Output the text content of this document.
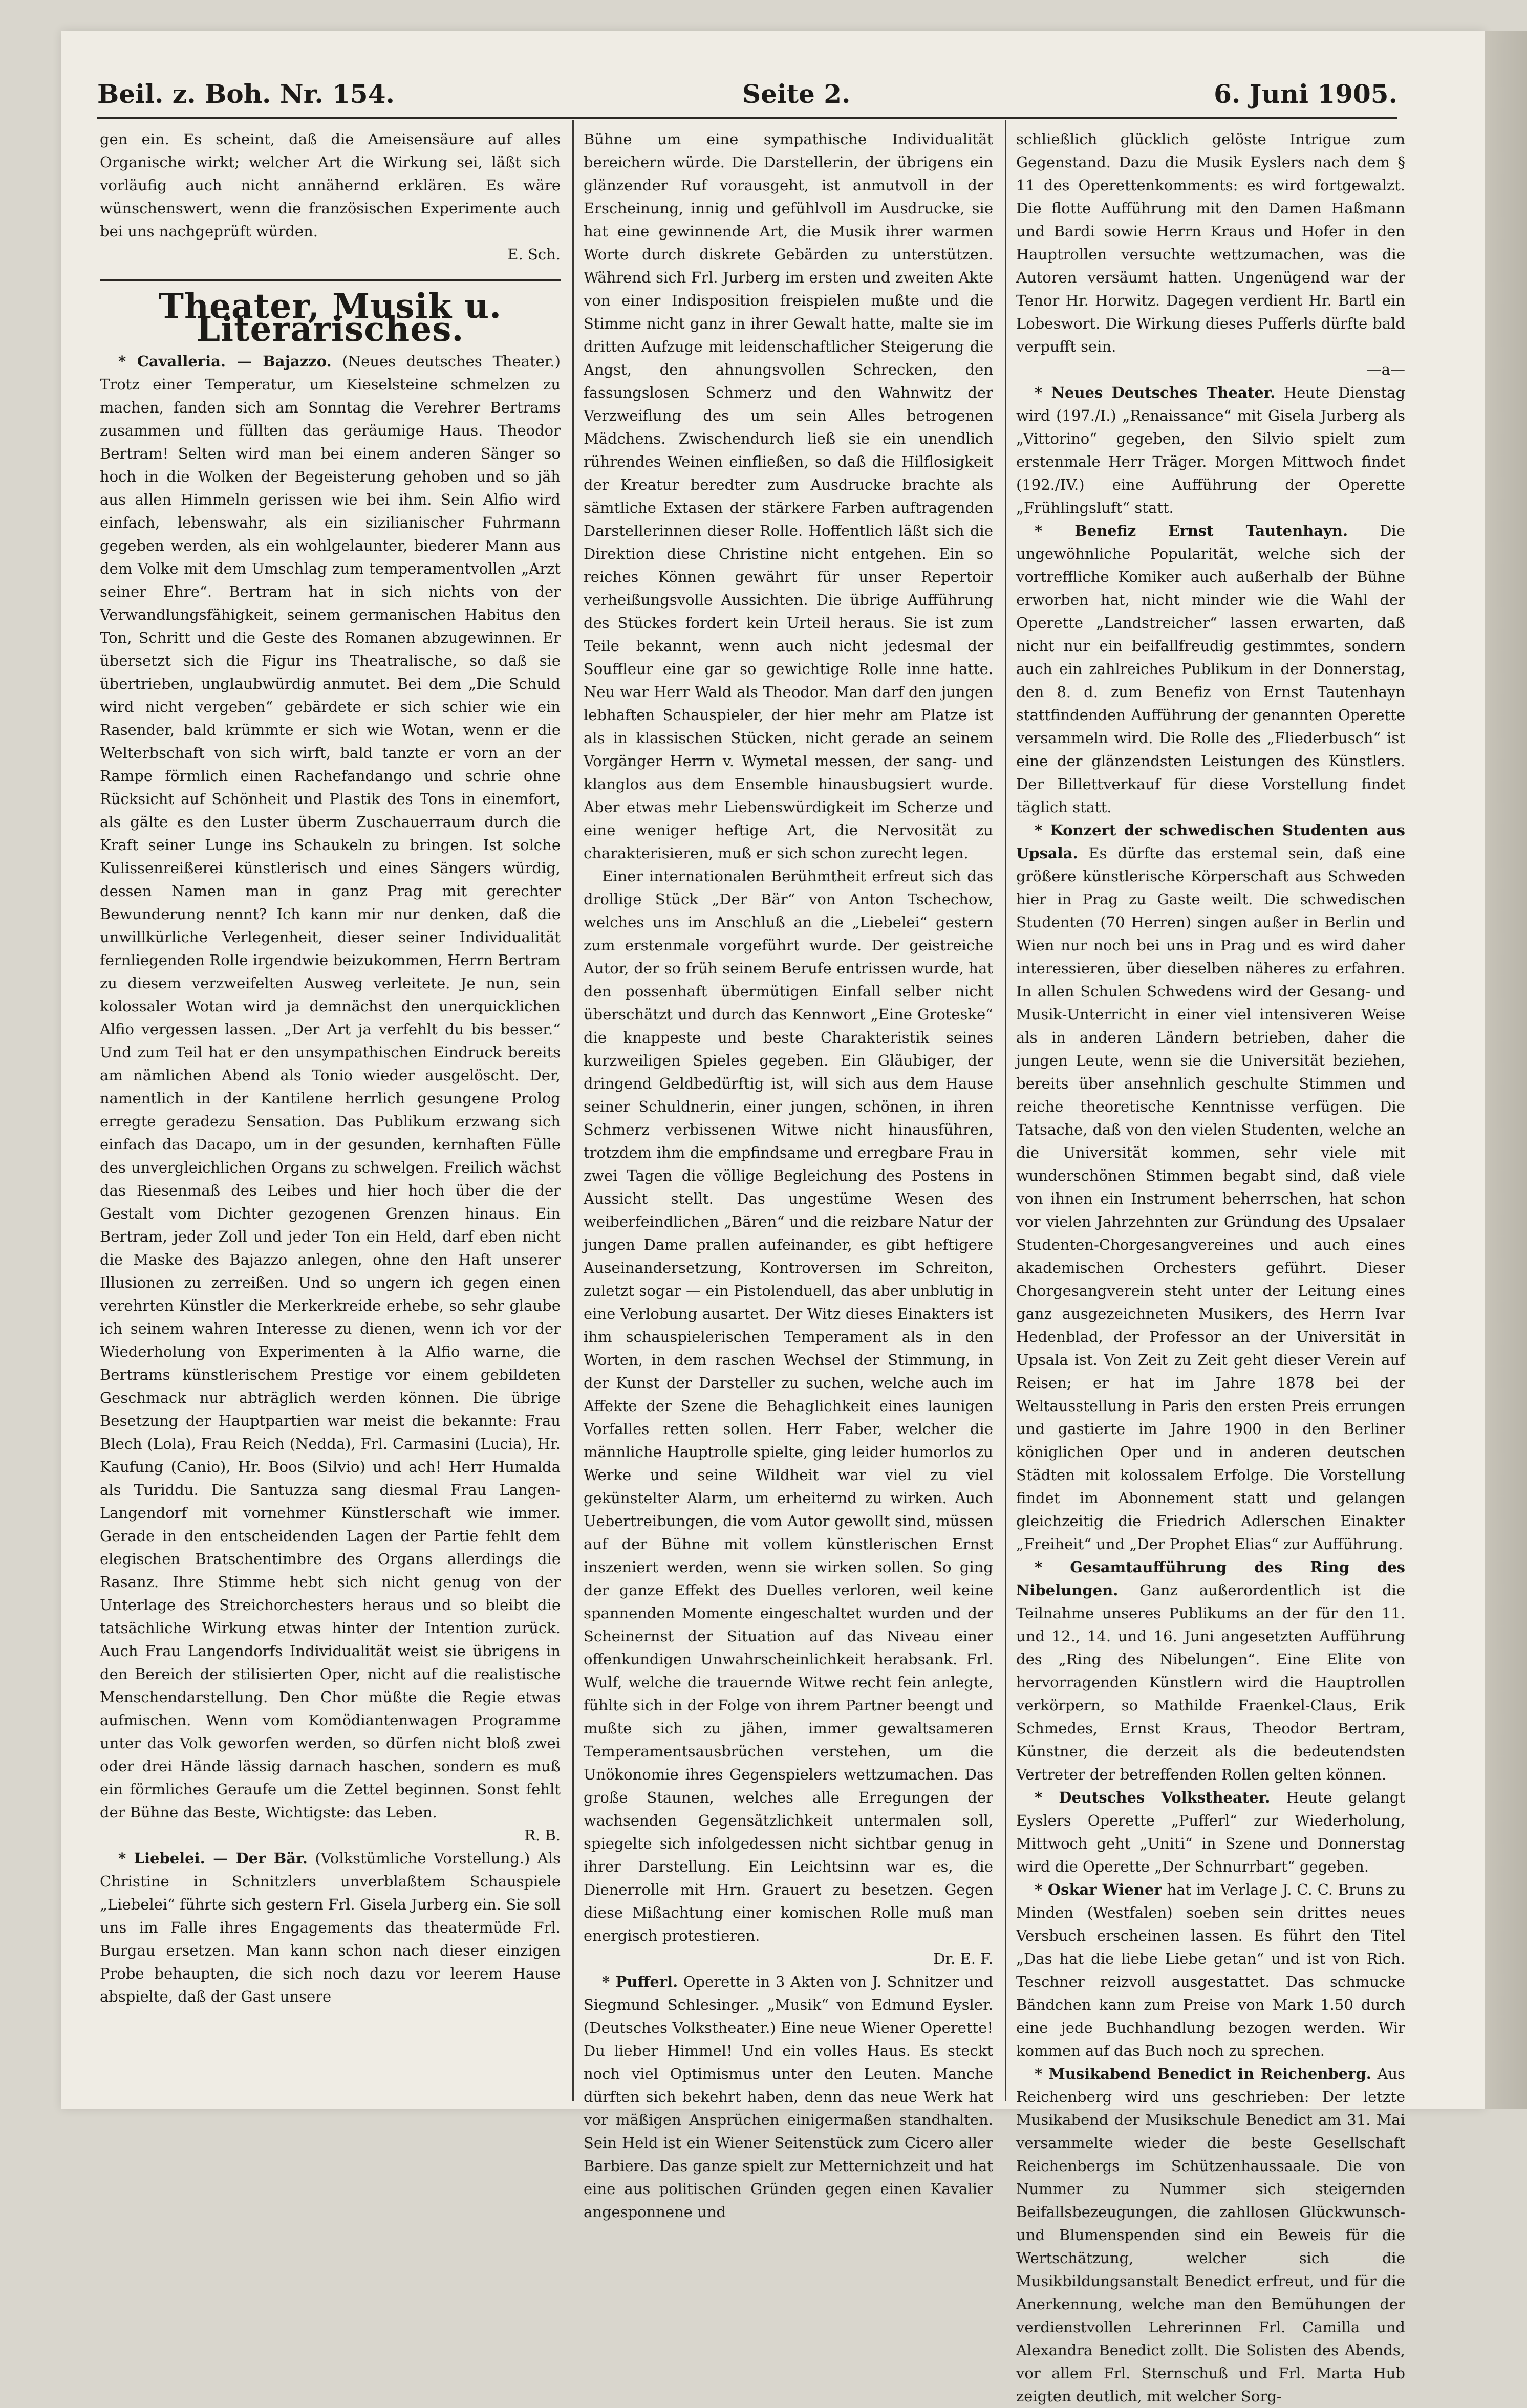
Beil. z. Boh. Nr. 154.	Seite 2.	6. Juni 1905.

gen ein. Es scheint, daß die Ameisensäure auf alles Organische wirkt; welcher Art die Wirkung sei, läßt sich vorläufig auch nicht annähernd erklären. Es wäre wünschenswert, wenn die französischen Experimente auch bei uns nachgeprüft würden.

E. Sch.

Theater, Musik u. Literarisches.

* Cavalleria. — Bajazzo. (Neues deutsches Theater.) Trotz einer Temperatur, um Kieselsteine schmelzen zu machen, fanden sich am Sonntag die Verehrer Bertrams zusammen und füllten das geräumige Haus. Theodor Bertram! Selten wird man bei einem anderen Sänger so hoch in die Wolken der Begeisterung gehoben und so jäh aus allen Himmeln gerissen wie bei ihm. Sein Alfio wird einfach, lebenswahr, als ein sizilianischer Fuhrmann gegeben werden, als ein wohlgelaunter, biederer Mann aus dem Volke mit dem Umschlag zum temperamentvollen „Arzt seiner Ehre“. Bertram hat in sich nichts von der Verwandlungsfähigkeit, seinem germanischen Habitus den Ton, Schritt und die Geste des Romanen abzugewinnen. Er übersetzt sich die Figur ins Theatralische, so daß sie übertrieben, unglaubwürdig anmutet. Bei dem „Die Schuld wird nicht vergeben“ gebärdete er sich schier wie ein Rasender, bald krümmte er sich wie Wotan, wenn er die Welterbschaft von sich wirft, bald tanzte er vorn an der Rampe förmlich einen Rachefandango und schrie ohne Rücksicht auf Schönheit und Plastik des Tons in einemfort, als gälte es den Luster überm Zuschauerraum durch die Kraft seiner Lunge ins Schaukeln zu bringen. Ist solche Kulissenreißerei künstlerisch und eines Sängers würdig, dessen Namen man in ganz Prag mit gerechter Bewunderung nennt? Ich kann mir nur denken, daß die unwillkürliche Verlegenheit, dieser seiner Individualität fernliegenden Rolle irgendwie beizukommen, Herrn Bertram zu diesem verzweifelten Ausweg verleitete. Je nun, sein kolossaler Wotan wird ja demnächst den unerquicklichen Alfio vergessen lassen. „Der Art ja verfehlt du bis besser.“ Und zum Teil hat er den unsympathischen Eindruck bereits am nämlichen Abend als Tonio wieder ausgelöscht. Der, namentlich in der Kantilene herrlich gesungene Prolog erregte geradezu Sensation. Das Publikum erzwang sich einfach das Dacapo, um in der gesunden, kernhaften Fülle des unvergleichlichen Organs zu schwelgen. Freilich wächst das Riesenmaß des Leibes und hier hoch über die der Gestalt vom Dichter gezogenen Grenzen hinaus. Ein Bertram, jeder Zoll und jeder Ton ein Held, darf eben nicht die Maske des Bajazzo anlegen, ohne den Haft unserer Illusionen zu zerreißen. Und so ungern ich gegen einen verehrten Künstler die Merkerkreide erhebe, so sehr glaube ich seinem wahren Interesse zu dienen, wenn ich vor der Wiederholung von Experimenten à la Alfio warne, die Bertrams künstlerischem Prestige vor einem gebildeten Geschmack nur abträglich werden können. Die übrige Besetzung der Hauptpartien war meist die bekannte: Frau Blech (Lola), Frau Reich (Nedda), Frl. Carmasini (Lucia), Hr. Kaufung (Canio), Hr. Boos (Silvio) und ach! Herr Humalda als Turiddu. Die Santuzza sang diesmal Frau Langen-Langendorf mit vornehmer Künstlerschaft wie immer. Gerade in den entscheidenden Lagen der Partie fehlt dem elegischen Bratschentimbre des Organs allerdings die Rasanz. Ihre Stimme hebt sich nicht genug von der Unterlage des Streichorchesters heraus und so bleibt die tatsächliche Wirkung etwas hinter der Intention zurück. Auch Frau Langendorfs Individualität weist sie übrigens in den Bereich der stilisierten Oper, nicht auf die realistische Menschendarstellung. Den Chor müßte die Regie etwas aufmischen. Wenn vom Komödiantenwagen Programme unter das Volk geworfen werden, so dürfen nicht bloß zwei oder drei Hände lässig darnach haschen, sondern es muß ein förmliches Geraufe um die Zettel beginnen. Sonst fehlt der Bühne das Beste, Wichtigste: das Leben.

R. B.

* Liebelei. — Der Bär. (Volkstümliche Vorstellung.) Als Christine in Schnitzlers unverblaßtem Schauspiele „Liebelei“ führte sich gestern Frl. Gisela Jurberg ein. Sie soll uns im Falle ihres Engagements das theatermüde Frl. Burgau ersetzen. Man kann schon nach dieser einzigen Probe behaupten, die sich noch dazu vor leerem Hause abspielte, daß der Gast unsere

Bühne um eine sympathische Individualität bereichern würde. Die Darstellerin, der übrigens ein glänzender Ruf vorausgeht, ist anmutvoll in der Erscheinung, innig und gefühlvoll im Ausdrucke, sie hat eine gewinnende Art, die Musik ihrer warmen Worte durch diskrete Gebärden zu unterstützen. Während sich Frl. Jurberg im ersten und zweiten Akte von einer Indisposition freispielen mußte und die Stimme nicht ganz in ihrer Gewalt hatte, malte sie im dritten Aufzuge mit leidenschaftlicher Steigerung die Angst, den ahnungsvollen Schrecken, den fassungslosen Schmerz und den Wahnwitz der Verzweiflung des um sein Alles betrogenen Mädchens. Zwischendurch ließ sie ein unendlich rührendes Weinen einfließen, so daß die Hilflosigkeit der Kreatur beredter zum Ausdrucke brachte als sämtliche Extasen der stärkere Farben auftragenden Darstellerinnen dieser Rolle. Hoffentlich läßt sich die Direktion diese Christine nicht entgehen. Ein so reiches Können gewährt für unser Repertoir verheißungsvolle Aussichten. Die übrige Aufführung des Stückes fordert kein Urteil heraus. Sie ist zum Teile bekannt, wenn auch nicht jedesmal der Souffleur eine gar so gewichtige Rolle inne hatte. Neu war Herr Wald als Theodor. Man darf den jungen lebhaften Schauspieler, der hier mehr am Platze ist als in klassischen Stücken, nicht gerade an seinem Vorgänger Herrn v. Wymetal messen, der sang- und klanglos aus dem Ensemble hinausbugsiert wurde. Aber etwas mehr Liebenswürdigkeit im Scherze und eine weniger heftige Art, die Nervosität zu charakterisieren, muß er sich schon zurecht legen.

Einer internationalen Berühmtheit erfreut sich das drollige Stück „Der Bär“ von Anton Tschechow, welches uns im Anschluß an die „Liebelei“ gestern zum erstenmale vorgeführt wurde. Der geistreiche Autor, der so früh seinem Berufe entrissen wurde, hat den possenhaft übermütigen Einfall selber nicht überschätzt und durch das Kennwort „Eine Groteske“ die knappeste und beste Charakteristik seines kurzweiligen Spieles gegeben. Ein Gläubiger, der dringend Geldbedürftig ist, will sich aus dem Hause seiner Schuldnerin, einer jungen, schönen, in ihren Schmerz verbissenen Witwe nicht hinausführen, trotzdem ihm die empfindsame und erregbare Frau in zwei Tagen die völlige Begleichung des Postens in Aussicht stellt. Das ungestüme Wesen des weiberfeindlichen „Bären“ und die reizbare Natur der jungen Dame prallen aufeinander, es gibt heftigere Auseinandersetzung, Kontroversen im Schreiton, zuletzt sogar — ein Pistolenduell, das aber unblutig in eine Verlobung ausartet. Der Witz dieses Einakters ist ihm schauspielerischen Temperament als in den Worten, in dem raschen Wechsel der Stimmung, in der Kunst der Darsteller zu suchen, welche auch im Affekte der Szene die Behaglichkeit eines launigen Vorfalles retten sollen. Herr Faber, welcher die männliche Hauptrolle spielte, ging leider humorlos zu Werke und seine Wildheit war viel zu viel gekünstelter Alarm, um erheiternd zu wirken. Auch Uebertreibungen, die vom Autor gewollt sind, müssen auf der Bühne mit vollem künstlerischen Ernst inszeniert werden, wenn sie wirken sollen. So ging der ganze Effekt des Duelles verloren, weil keine spannenden Momente eingeschaltet wurden und der Scheinernst der Situation auf das Niveau einer offenkundigen Unwahrscheinlichkeit herabsank. Frl. Wulf, welche die trauernde Witwe recht fein anlegte, fühlte sich in der Folge von ihrem Partner beengt und mußte sich zu jähen, immer gewaltsameren Temperamentsausbrüchen verstehen, um die Unökonomie ihres Gegenspielers wettzumachen. Das große Staunen, welches alle Erregungen der wachsenden Gegensätzlichkeit untermalen soll, spiegelte sich infolgedessen nicht sichtbar genug in ihrer Darstellung. Ein Leichtsinn war es, die Dienerrolle mit Hrn. Grauert zu besetzen. Gegen diese Mißachtung einer komischen Rolle muß man energisch protestieren.

Dr. E. F.

* Pufferl. Operette in 3 Akten von J. Schnitzer und Siegmund Schlesinger. „Musik“ von Edmund Eysler. (Deutsches Volkstheater.) Eine neue Wiener Operette! Du lieber Himmel! Und ein volles Haus. Es steckt noch viel Optimismus unter den Leuten. Manche dürften sich bekehrt haben, denn das neue Werk hat vor mäßigen Ansprüchen einigermaßen standhalten. Sein Held ist ein Wiener Seitenstück zum Cicero aller Barbiere. Das ganze spielt zur Metternichzeit und hat eine aus politischen Gründen gegen einen Kavalier angesponnene und

schließlich glücklich gelöste Intrigue zum Gegenstand. Dazu die Musik Eyslers nach dem § 11 des Operettenkomments: es wird fortgewalzt. Die flotte Aufführung mit den Damen Haßmann und Bardi sowie Herrn Kraus und Hofer in den Hauptrollen versuchte wettzumachen, was die Autoren versäumt hatten. Ungenügend war der Tenor Hr. Horwitz. Dagegen verdient Hr. Bartl ein Lobeswort. Die Wirkung dieses Pufferls dürfte bald verpufft sein.

—a—

* Neues Deutsches Theater. Heute Dienstag wird (197./I.) „Renaissance“ mit Gisela Jurberg als „Vittorino“ gegeben, den Silvio spielt zum erstenmale Herr Träger. Morgen Mittwoch findet (192./IV.) eine Aufführung der Operette „Frühlingsluft“ statt.

* Benefiz Ernst Tautenhayn. Die ungewöhnliche Popularität, welche sich der vortreffliche Komiker auch außerhalb der Bühne erworben hat, nicht minder wie die Wahl der Operette „Landstreicher“ lassen erwarten, daß nicht nur ein beifallfreudig gestimmtes, sondern auch ein zahlreiches Publikum in der Donnerstag, den 8. d. zum Benefiz von Ernst Tautenhayn stattfindenden Aufführung der genannten Operette versammeln wird. Die Rolle des „Fliederbusch“ ist eine der glänzendsten Leistungen des Künstlers. Der Billettverkauf für diese Vorstellung findet täglich statt.

* Konzert der schwedischen Studenten aus Upsala. Es dürfte das erstemal sein, daß eine größere künstlerische Körperschaft aus Schweden hier in Prag zu Gaste weilt. Die schwedischen Studenten (70 Herren) singen außer in Berlin und Wien nur noch bei uns in Prag und es wird daher interessieren, über dieselben näheres zu erfahren. In allen Schulen Schwedens wird der Gesang- und Musik-Unterricht in einer viel intensiveren Weise als in anderen Ländern betrieben, daher die jungen Leute, wenn sie die Universität beziehen, bereits über ansehnlich geschulte Stimmen und reiche theoretische Kenntnisse verfügen. Die Tatsache, daß von den vielen Studenten, welche an die Universität kommen, sehr viele mit wunderschönen Stimmen begabt sind, daß viele von ihnen ein Instrument beherrschen, hat schon vor vielen Jahrzehnten zur Gründung des Upsalaer Studenten-Chorgesangvereines und auch eines akademischen Orchesters geführt. Dieser Chorgesangverein steht unter der Leitung eines ganz ausgezeichneten Musikers, des Herrn Ivar Hedenblad, der Professor an der Universität in Upsala ist. Von Zeit zu Zeit geht dieser Verein auf Reisen; er hat im Jahre 1878 bei der Weltausstellung in Paris den ersten Preis errungen und gastierte im Jahre 1900 in den Berliner königlichen Oper und in anderen deutschen Städten mit kolossalem Erfolge. Die Vorstellung findet im Abonnement statt und gelangen gleichzeitig die Friedrich Adlerschen Einakter „Freiheit“ und „Der Prophet Elias“ zur Aufführung.

* Gesamtaufführung des Ring des Nibelungen. Ganz außerordentlich ist die Teilnahme unseres Publikums an der für den 11. und 12., 14. und 16. Juni angesetzten Aufführung des „Ring des Nibelungen“. Eine Elite von hervorragenden Künstlern wird die Hauptrollen verkörpern, so Mathilde Fraenkel-Claus, Erik Schmedes, Ernst Kraus, Theodor Bertram, Künstner, die derzeit als die bedeutendsten Vertreter der betreffenden Rollen gelten können.

* Deutsches Volkstheater. Heute gelangt Eyslers Operette „Pufferl“ zur Wiederholung, Mittwoch geht „Uniti“ in Szene und Donnerstag wird die Operette „Der Schnurrbart“ gegeben.

* Oskar Wiener hat im Verlage J. C. C. Bruns zu Minden (Westfalen) soeben sein drittes neues Versbuch erscheinen lassen. Es führt den Titel „Das hat die liebe Liebe getan“ und ist von Rich. Teschner reizvoll ausgestattet. Das schmucke Bändchen kann zum Preise von Mark 1.50 durch eine jede Buchhandlung bezogen werden. Wir kommen auf das Buch noch zu sprechen.

* Musikabend Benedict in Reichenberg. Aus Reichenberg wird uns geschrieben: Der letzte Musikabend der Musikschule Benedict am 31. Mai versammelte wieder die beste Gesellschaft Reichenbergs im Schützenhaussaale. Die von Nummer zu Nummer sich steigernden Beifallsbezeugungen, die zahllosen Glückwunsch- und Blumenspenden sind ein Beweis für die Wertschätzung, welcher sich die Musikbildungsanstalt Benedict erfreut, und für die Anerkennung, welche man den Bemühungen der verdienstvollen Lehrerinnen Frl. Camilla und Alexandra Benedict zollt. Die Solisten des Abends, vor allem Frl. Sternschuß und Frl. Marta Hub zeigten deutlich, mit welcher Sorg-
